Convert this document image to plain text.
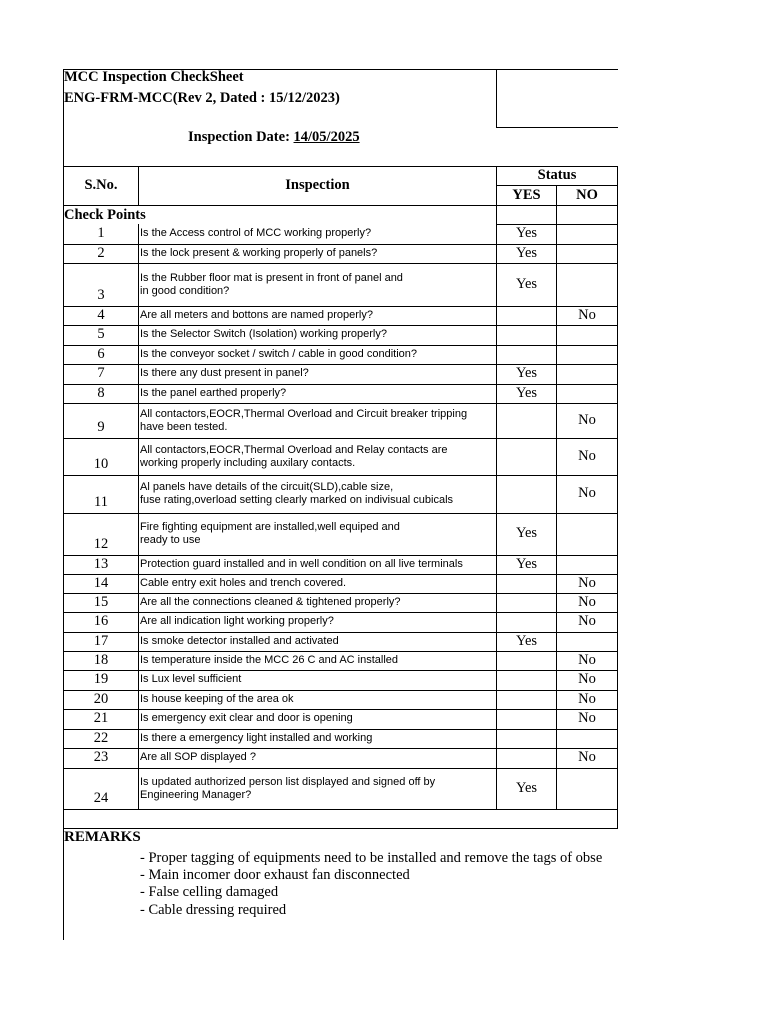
MCC Inspection CheckSheet
ENG-FRM-MCC(Rev 2, Dated : 15/12/2023)
Inspection Date: 14/05/2025
S.No.	Inspection
Status
YES	NO
Check Points
1	Is the Access control of MCC working properly?	Yes
2	Is the lock present & working properly of panels?	Yes
3
Is the Rubber floor mat is present in front of panel and
in good condition?	Yes
4	Are all meters and bottons are named properly?	No
5	Is the Selector Switch (Isolation) working properly?
6	Is the conveyor socket / switch / cable in good condition?
7	Is there any dust present in panel?	Yes
8	Is the panel earthed properly?	Yes
9
All contactors,EOCR,Thermal Overload and Circuit breaker tripping
have been tested.	No
10
All contactors,EOCR,Thermal Overload and Relay contacts are
working properly including auxilary contacts.	No
11
Al panels have details of the circuit(SLD),cable size,
fuse rating,overload setting clearly marked on indivisual cubicals	No
12
Fire fighting equipment are installed,well equiped and
ready to use	Yes
13	Protection guard installed and in well condition on all live terminals	Yes
14	Cable entry exit holes and trench covered.	No
15	Are all the connections cleaned & tightened properly?	No
16	Are all indication light working properly?	No
17	Is smoke detector installed and activated	Yes
18	Is temperature inside the MCC 26 C and AC installed	No
19	Is Lux level sufficient	No
20	Is house keeping of the area ok	No
21	Is emergency exit clear and door is opening	No
22	Is there a emergency light installed and working
23	Are all SOP displayed ?	No
24
Is updated authorized person list displayed and signed off by
Engineering Manager?	Yes
REMARKS
- Proper tagging of equipments need to be installed and remove the tags of obse
- Main incomer door exhaust fan disconnected
- False celling damaged
- Cable dressing required
